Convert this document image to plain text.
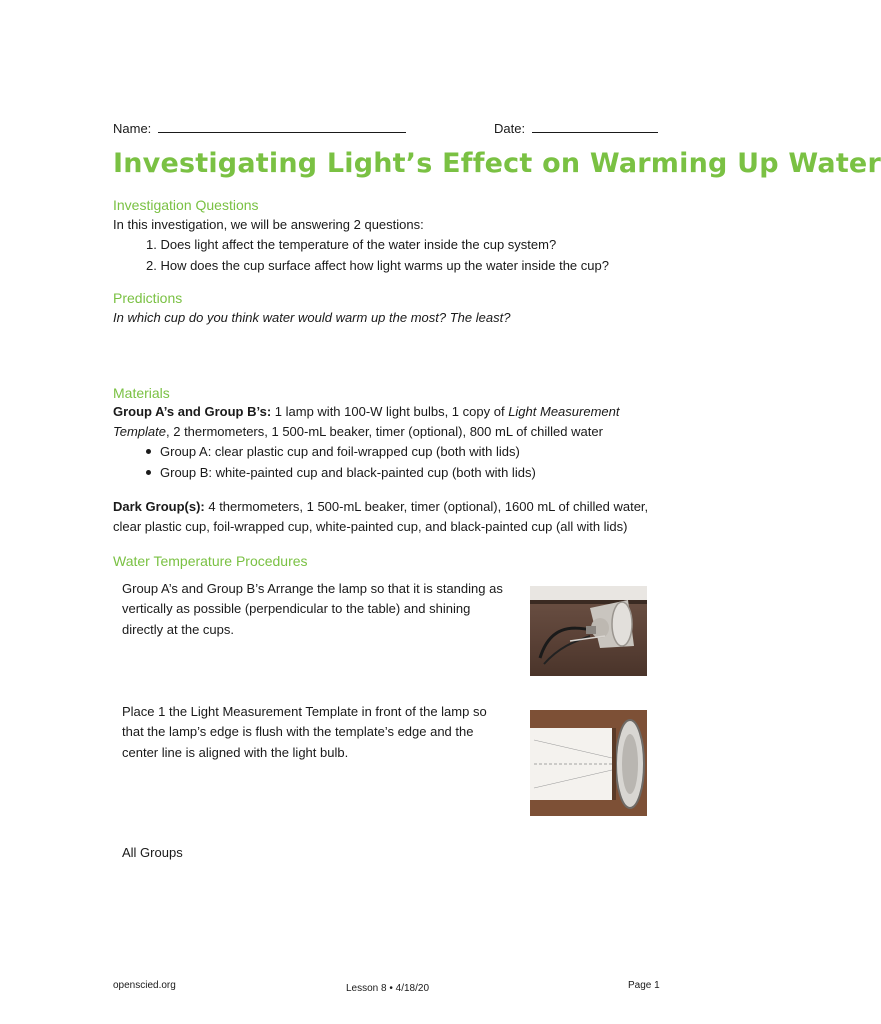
Name:	Date:
Investigating Light’s Effect on Warming Up Water
Investigation Questions
In this investigation, we will be answering 2 questions:
1. Does light affect the temperature of the water inside the cup system?
2. How does the cup surface affect how light warms up the water inside the cup?
Predictions
In which cup do you think water would warm up the most? The least?
Materials
Group A’s and Group B’s: 1 lamp with 100-W light bulbs, 1 copy of Light Measurement
Template, 2 thermometers, 1 500-mL beaker, timer (optional), 800 mL of chilled water
Group A: clear plastic cup and foil-wrapped cup (both with lids)
Group B: white-painted cup and black-painted cup (both with lids)
Dark Group(s): 4 thermometers, 1 500-mL beaker, timer (optional), 1600 mL of chilled water,
clear plastic cup, foil-wrapped cup, white-painted cup, and black-painted cup (all with lids)
Water Temperature Procedures
Group A’s and Group B’s Arrange the lamp so that it is standing as
vertically as possible (perpendicular to the table) and shining
directly at the cups.
Place 1 the Light Measurement Template in front of the lamp so
that the lamp’s edge is flush with the template’s edge and the
center line is aligned with the light bulb.
All Groups
openscied.org	Lesson 8 • 4/18/20	Page 1
